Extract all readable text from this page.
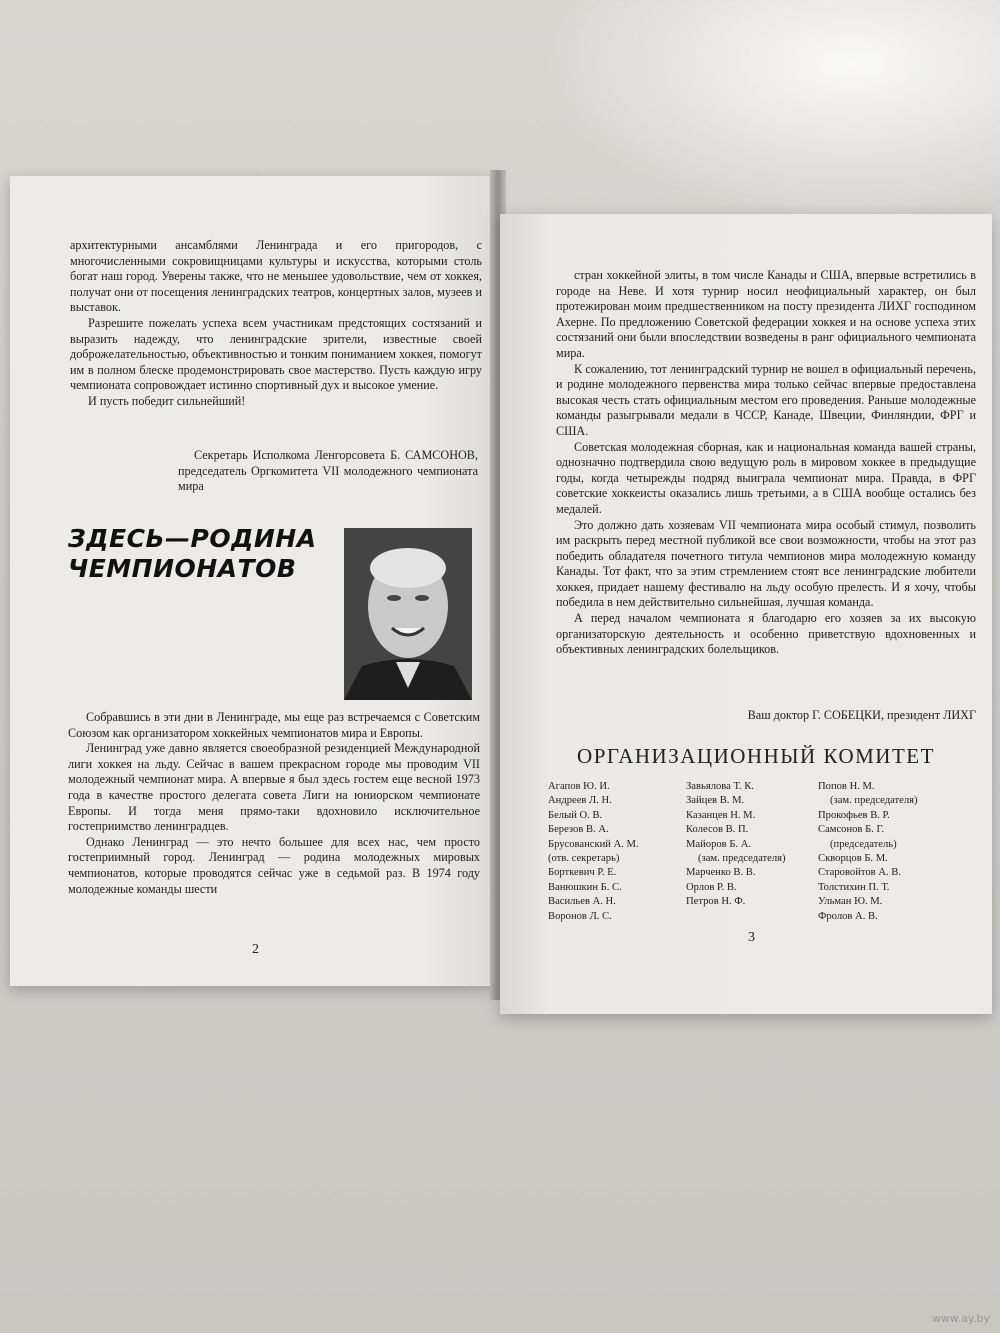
архитектурными ансамблями Ленинграда и его пригородов, с многочисленными сокровищницами культуры и искусства, которыми столь богат наш город. Уверены также, что не меньшее удовольствие, чем от хоккея, получат они от посещения ленинградских театров, концертных залов, музеев и выставок.

Разрешите пожелать успеха всем участникам предстоящих состязаний и выразить надежду, что ленинградские зрители, известные своей доброжелательностью, объективностью и тонким пониманием хоккея, помогут им в полном блеске продемонстрировать свое мастерство. Пусть каждую игру чемпионата сопровождает истинно спортивный дух и высокое умение.

И пусть победит сильнейший!

Секретарь Исполкома Ленгорсовета Б. САМСОНОВ, председатель Оргкомитета VII молодежного чемпионата мира
ЗДЕСЬ—РОДИНА
ЧЕМПИОНАТОВ

Собравшись в эти дни в Ленинграде, мы еще раз встречаемся с Советским Союзом как организатором хоккейных чемпионатов мира и Европы.

Ленинград уже давно является своеобразной резиденцией Международной лиги хоккея на льду. Сейчас в вашем прекрасном городе мы проводим VII молодежный чемпионат мира. А впервые я был здесь гостем еще весной 1973 года в качестве простого делегата совета Лиги на юниорском чемпионате Европы. И тогда меня прямо-таки вдохновило исключительное гостеприимство ленинградцев.

Однако Ленинград — это нечто большее для всех нас, чем просто гостеприимный город. Ленинград — родина молодежных мировых чемпионатов, которые проводятся сейчас уже в седьмой раз. В 1974 году молодежные команды шести

2

стран хоккейной элиты, в том числе Канады и США, впервые встретились в городе на Неве. И хотя турнир носил неофициальный характер, он был протежирован моим предшественником на посту президента ЛИХГ господином Ахерне. По предложению Советской федерации хоккея и на основе успеха этих состязаний они были впоследствии возведены в ранг официального чемпионата мира.

К сожалению, тот ленинградский турнир не вошел в официальный перечень, и родине молодежного первенства мира только сейчас впервые предоставлена высокая честь стать официальным местом его проведения. Раньше молодежные команды разыгрывали медали в ЧССР, Канаде, Швеции, Финляндии, ФРГ и США.

Советская молодежная сборная, как и национальная команда вашей страны, однозначно подтвердила свою ведущую роль в мировом хоккее в предыдущие годы, когда четырежды подряд выиграла чемпионат мира. Правда, в ФРГ советские хоккеисты оказались лишь третьими, а в США вообще остались без медалей.

Это должно дать хозяевам VII чемпионата мира особый стимул, позволить им раскрыть перед местной публикой все свои возможности, чтобы на этот раз победить обладателя почетного титула чемпионов мира молодежную команду Канады. Тот факт, что за этим стремлением стоят все ленинградские любители хоккея, придает нашему фестивалю на льду особую прелесть. И я хочу, чтобы победила в нем действительно сильнейшая, лучшая команда.

А перед началом чемпионата я благодарю его хозяев за их высокую организаторскую деятельность и особенно приветствую вдохновенных и объективных ленинградских болельщиков.

Ваш доктор Г. СОБЕЦКИ, президент ЛИХГ
ОРГАНИЗАЦИОННЫЙ КОМИТЕТ
Агапов Ю. И.
Андреев Л. Н.
Белый О. В.
Березов В. А.
Брусованский А. М.
(отв. секретарь)
Борткевич Р. Е.
Ванюшкин Б. С.
Васильев А. Н.
Воронов Л. С.
Завьялова Т. К.
Зайцев В. М.
Казанцев Н. М.
Колесов В. П.
Майоров Б. А.
(зам. председателя)
Марченко В. В.
Орлов Р. В.
Петров Н. Ф.
Попов Н. М.
(зам. председателя)
Прокофьев В. Р.
Самсонов Б. Г.
(председатель)
Скворцов Б. М.
Старовойтов А. В.
Толстихин П. Т.
Ульман Ю. М.
Фролов А. В.
3
www.ay.by
